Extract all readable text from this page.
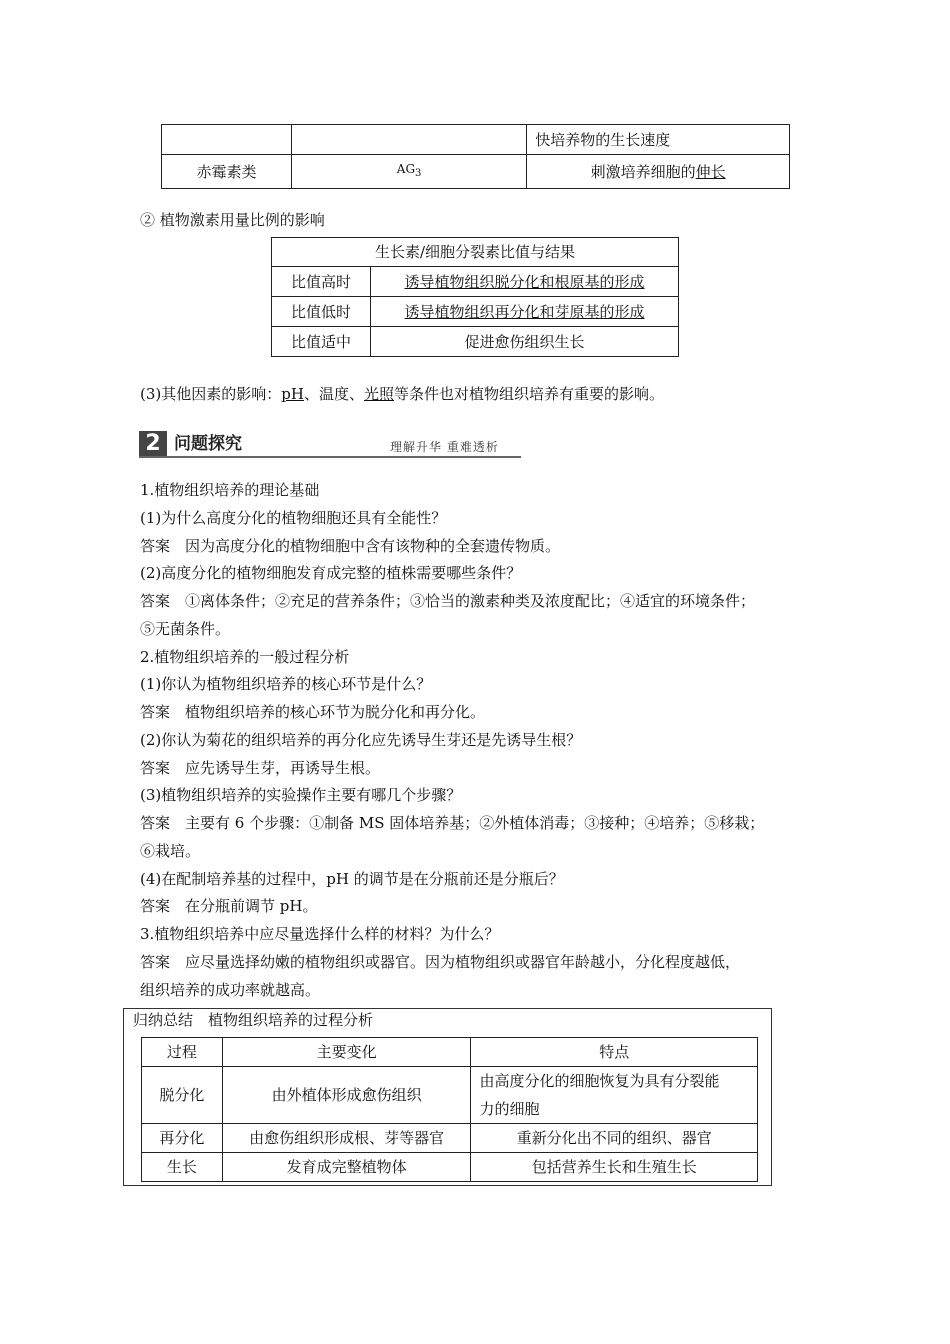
		快培养物的生长速度
赤霉素类	$AG_3$	刺激培养细胞的伸长
② 植物激素用量比例的影响
生长素/细胞分裂素比值与结果	
比值高时	诱导植物组织脱分化和根原基的形成
比值低时	诱导植物组织再分化和芽原基的形成
比值适中	促进愈伤组织生长
(3)其他因素的影响：pH、温度、光照等条件也对植物组织培养有重要的影响。
2 问题探究	理解升华 重难透析
1.植物组织培养的理论基础
(1)为什么高度分化的植物细胞还具有全能性？
答案　因为高度分化的植物细胞中含有该物种的全套遗传物质。
(2)高度分化的植物细胞发育成完整的植株需要哪些条件？
答案　①离体条件；②充足的营养条件；③恰当的激素种类及浓度配比；④适宜的环境条件；
⑤无菌条件。
2.植物组织培养的一般过程分析
(1)你认为植物组织培养的核心环节是什么？
答案　植物组织培养的核心环节为脱分化和再分化。
(2)你认为菊花的组织培养的再分化应先诱导生芽还是先诱导生根？
答案　应先诱导生芽，再诱导生根。
(3)植物组织培养的实验操作主要有哪几个步骤？
答案　主要有 6 个步骤：①制备 MS 固体培养基；②外植体消毒；③接种；④培养；⑤移栽；
⑥栽培。
(4)在配制培养基的过程中，pH 的调节是在分瓶前还是分瓶后？
答案　在分瓶前调节 pH。
3.植物组织培养中应尽量选择什么样的材料？为什么？
答案　应尽量选择幼嫩的植物组织或器官。因为植物组织或器官年龄越小，分化程度越低，
组织培养的成功率就越高。
归纳总结　植物组织培养的过程分析
过程	主要变化	特点
脱分化	由外植体形成愈伤组织	由高度分化的细胞恢复为具有分裂能
力的细胞

再分化	由愈伤组织形成根、芽等器官	重新分化出不同的组织、器官
生长	发育成完整植物体	包括营养生长和生殖生长
